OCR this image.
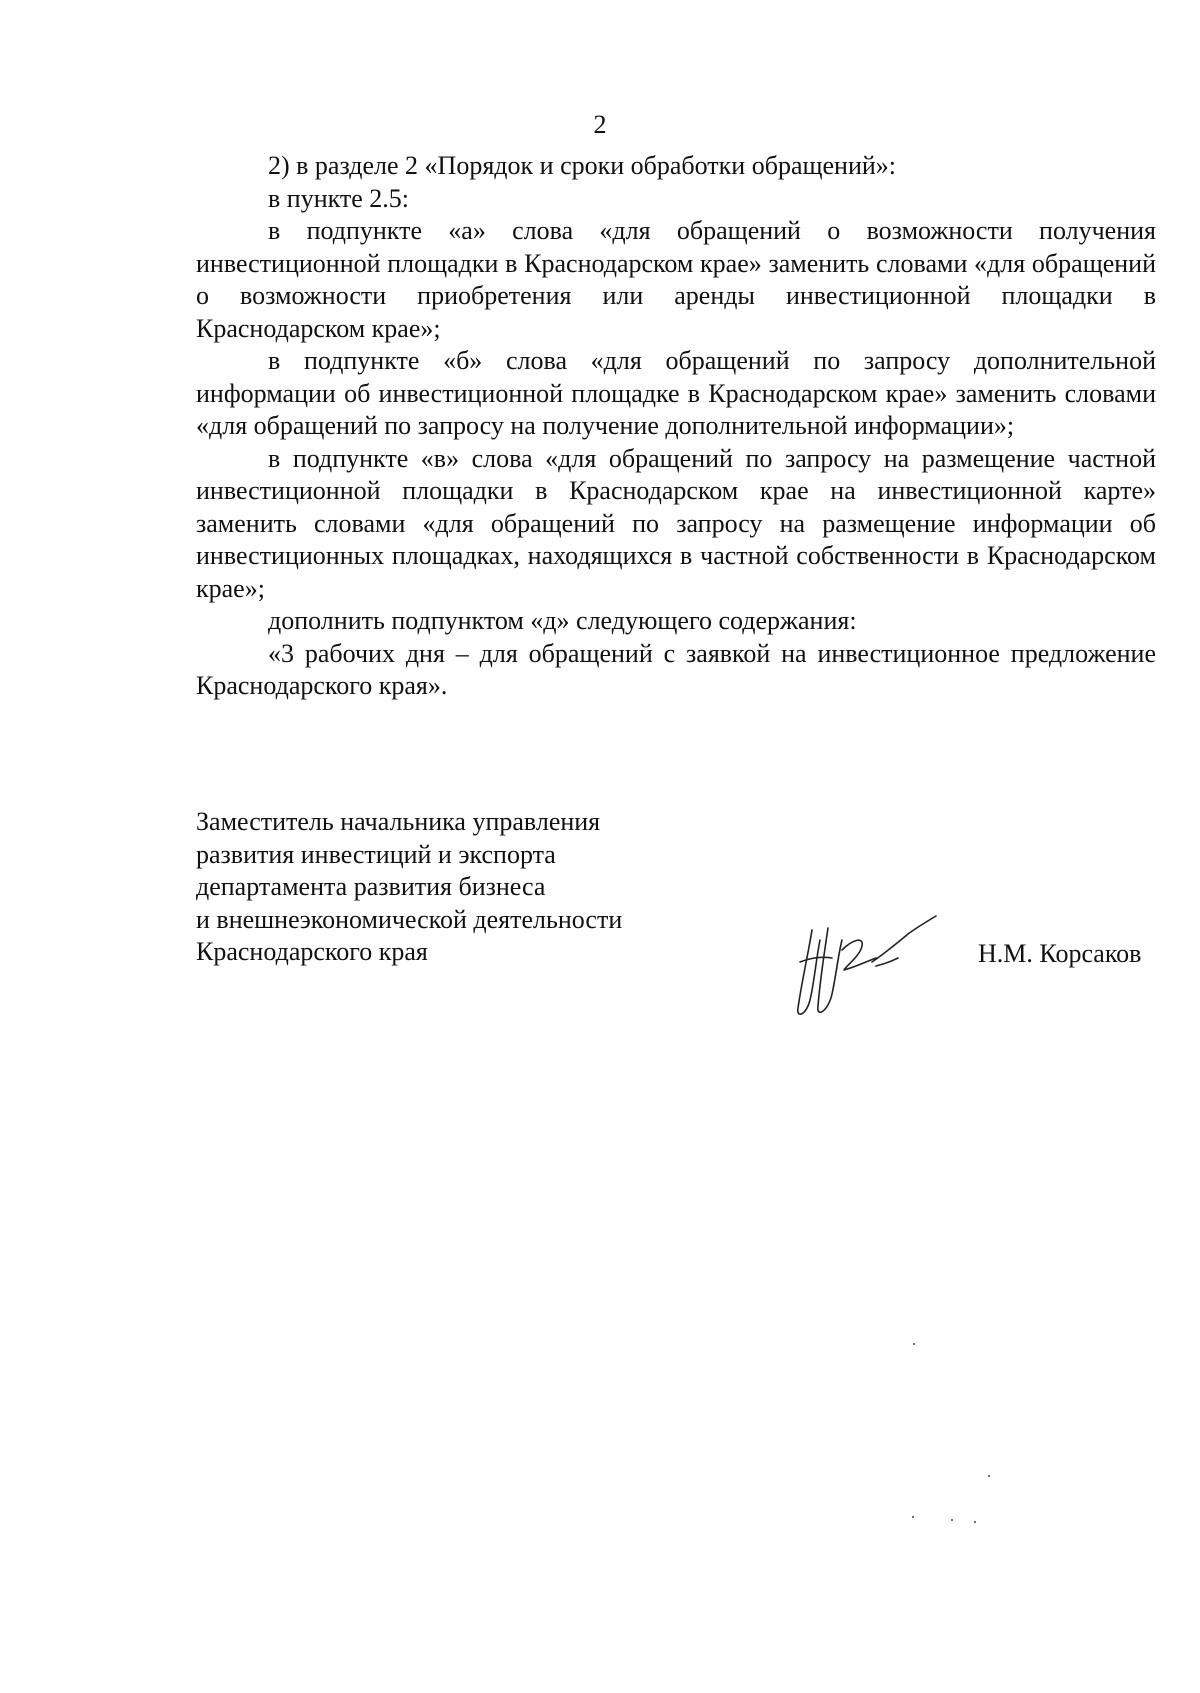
2

2) в разделе 2 «Порядок и сроки обработки обращений»:

в пункте 2.5:

в подпункте «а» слова «для обращений о возможности получения инвестиционной площадки в Краснодарском крае» заменить словами «для обращений о возможности приобретения или аренды инвестиционной площадки в Краснодарском крае»;

в подпункте «б» слова «для обращений по запросу дополнительной информации об инвестиционной площадке в Краснодарском крае» заменить словами «для обращений по запросу на получение дополнительной информации»;

в подпункте «в» слова «для обращений по запросу на размещение частной инвестиционной площадки в Краснодарском крае на инвестиционной карте» заменить словами «для обращений по запросу на размещение информации об инвестиционных площадках, находящихся в частной собственности в Краснодарском крае»;

дополнить подпунктом «д» следующего содержания:

«3 рабочих дня – для обращений с заявкой на инвестиционное предложение Краснодарского края».

Заместитель начальника управления
развития инвестиций и экспорта
департамента развития бизнеса
и внешнеэкономической деятельности
Краснодарского края	Н.М. Корсаков
